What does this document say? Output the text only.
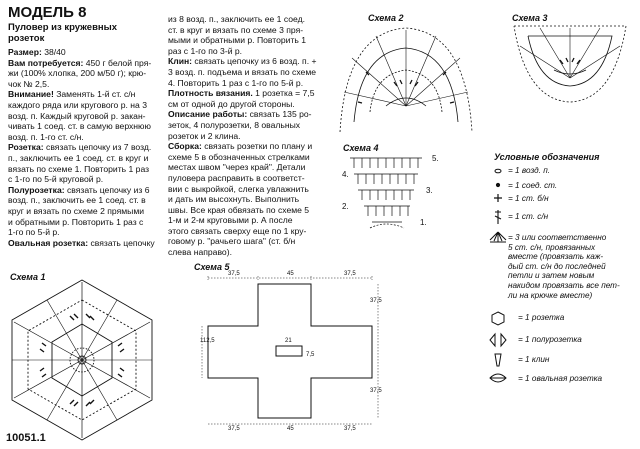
МОДЕЛЬ 8
Пуловер из кружевных
розеток

Размер: 38/40

Вам потребуется: 450 г белой пря-

жи (100% хлопка, 200 м/50 г); крю-

чок № 2,5.

Внимание! Заменять 1-й ст. с/н

каждого ряда или кругового р. на 3

возд. п. Каждый круговой р. закан-

чивать 1 соед. ст. в самую верхнюю

возд. п. 1-го ст. с/н.

Розетка: связать цепочку из 7 возд.

п., заключить ее 1 соед. ст. в круг и

вязать по схеме 1. Повторить 1 раз

с 1-го по 5-й круговой р.

Полурозетка: связать цепочку из 6

возд. п., заключить ее 1 соед. ст. в

круг и вязать по схеме 2 прямыми

и обратными р. Повторить 1 раз с

1-го по 5-й р.

Овальная розетка: связать цепочку

из 8 возд. п., заключить ее 1 соед.

ст. в круг и вязать по схеме 3 пря-

мыми и обратными р. Повторить 1

раз с 1-го по 3-й р.

Клин: связать цепочку из 6 возд. п. +

3 возд. п. подъема и вязать по схеме

4. Повторить 1 раз с 1-го по 5-й р.

Плотность вязания. 1 розетка = 7,5

см от одной до другой стороны.

Описание работы: связать 135 ро-

зеток, 4 полурозетки, 8 овальных

розеток и 2 клина.

Сборка: связать розетки по плану и

схеме 5 в обозначенных стрелками

местах швом "через край". Детали

пуловера расправить в соответст-

вии с выкройкой, слегка увлажнить

и дать им высохнуть. Выполнить

швы. Все края обвязать по схеме 5

1-м и 2-м круговыми р. А после

этого связать сверху еще по 1 кру-

говому р. "рачьего шага" (ст. б/н

слева направо).

Схема 1
Схема 2	Схема 3
Схема 4
Схема 5
5.
4.
3.
2.
1.
37,5	45	37,5
37,5
112,5	21
7,5
37,5
37,5	45	37,5
Условные обозначения
= 1 возд. п.
= 1 соед. ст.
= 1 ст. б/н
= 1 ст. с/н
= 3 или соответственно
5 ст. с/н, провязанных
вместе (провязать каж-
дый ст. с/н до последней
петли и затем новым
накидом провязать все пет-
ли на крючке вместе)
= 1 розетка
= 1 полурозетка
= 1 клин
= 1 овальная розетка
10051.1
